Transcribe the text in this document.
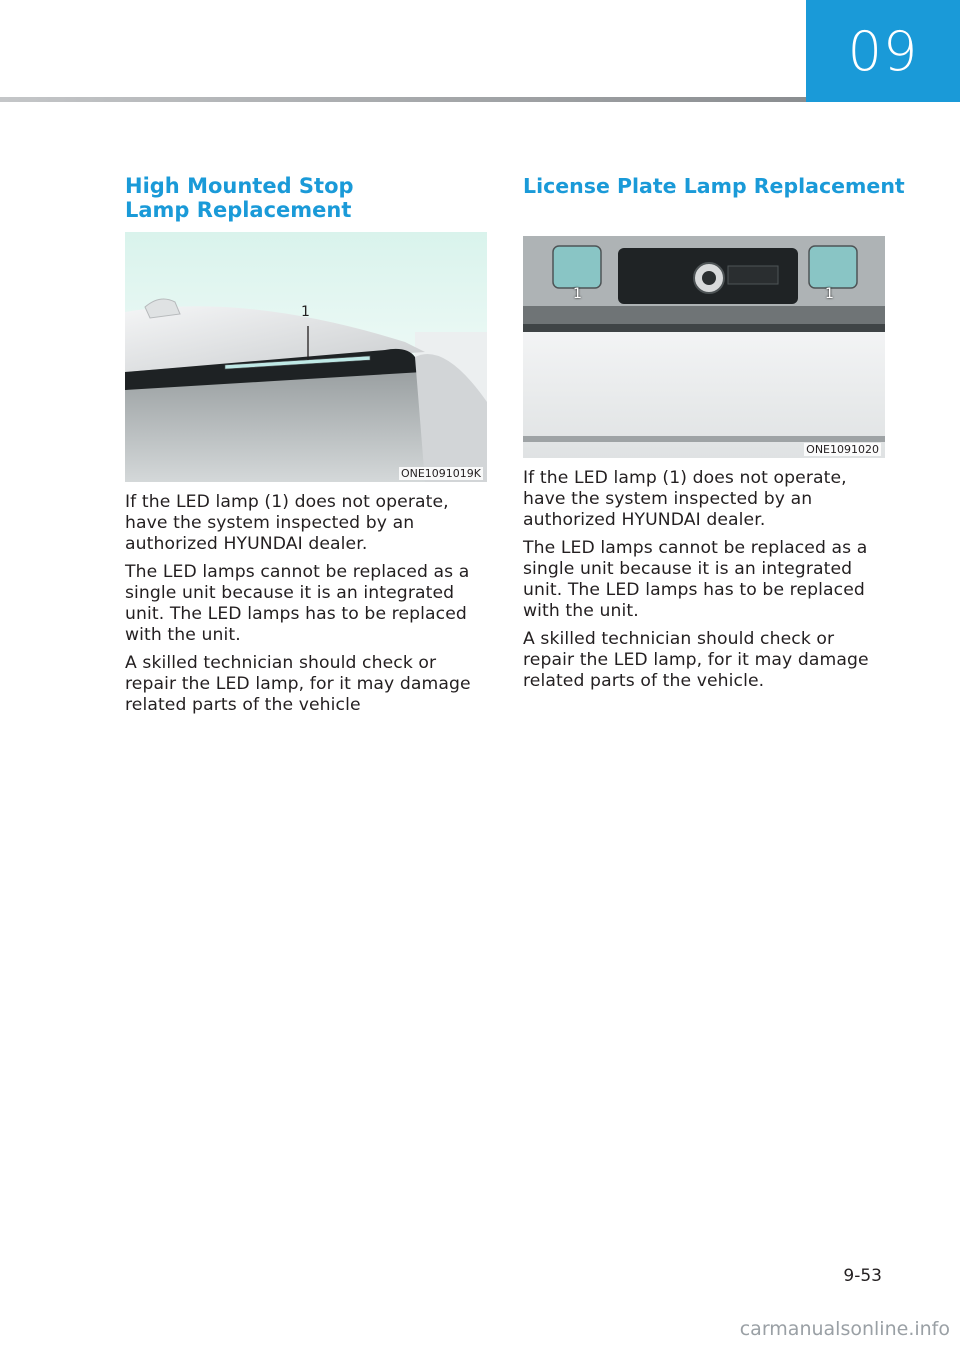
09
High Mounted Stop Lamp Replacement
1
ONE1091019K

If the LED lamp (1) does not operate, have the system inspected by an authorized HYUNDAI dealer.

The LED lamps cannot be replaced as a single unit because it is an integrated unit. The LED lamps has to be replaced with the unit.

A skilled technician should check or repair the LED lamp, for it may damage related parts of the vehicle

License Plate Lamp Replacement
1	1
ONE1091020

If the LED lamp (1) does not operate, have the system inspected by an authorized HYUNDAI dealer.

The LED lamps cannot be replaced as a single unit because it is an integrated unit. The LED lamps has to be replaced with the unit.

A skilled technician should check or repair the LED lamp, for it may damage related parts of the vehicle.

9-53
carmanualsonline.info
